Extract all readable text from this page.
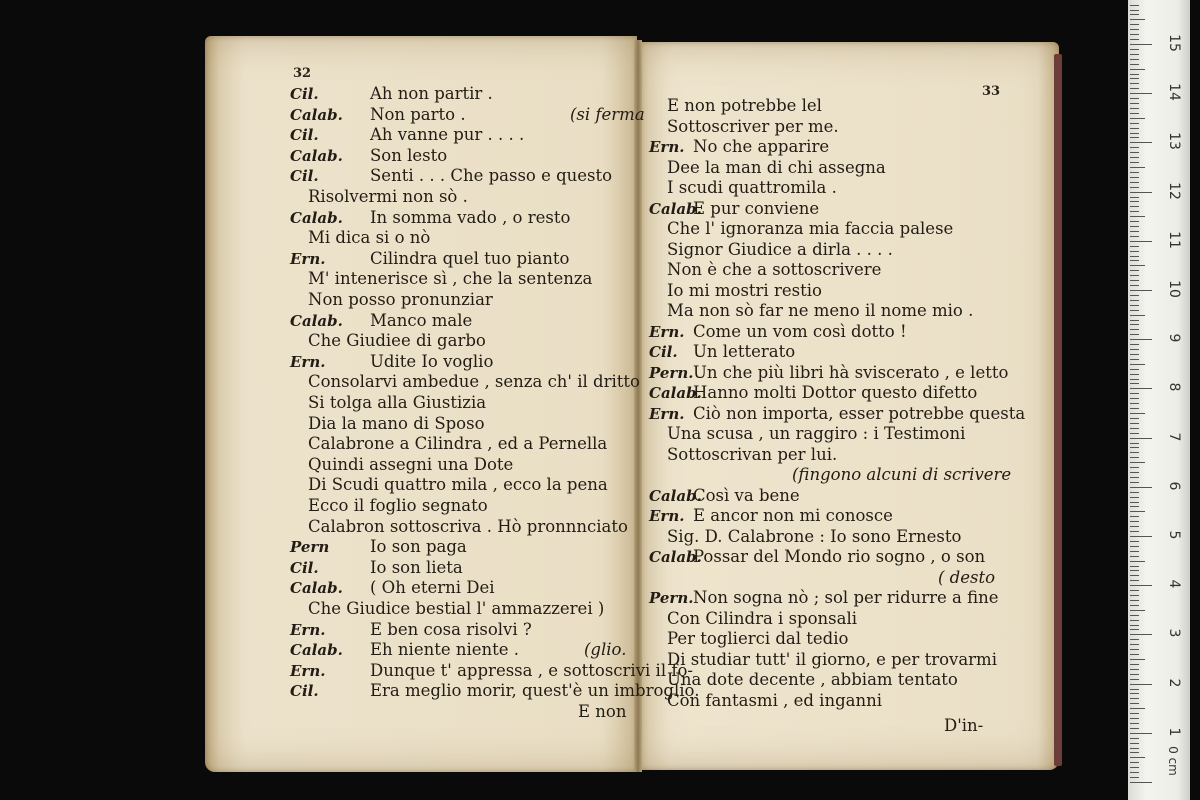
32
33
Cil.	Ah non partir .
Calab. Non parto .	(si ferma
Cil.	Ah vanne pur . . . .
Calab. Son lesto
Cil.	Senti . . . Che passo e questo
Risolvermi non sò .
Calab. In somma vado , o resto
Mi dica si o nò
Ern.	Cilindra quel tuo pianto
M' intenerisce sì , che la sentenza
Non posso pronunziar
Calab. Manco male
Che Giudiee di garbo
Ern.	Udite Io voglio
Consolarvi ambedue , senza ch' il dritto
Si tolga alla Giustizia
Dia la mano di Sposo
Calabrone a Cilindra , ed a Pernella
Quindi assegni una Dote
Di Scudi quattro mila , ecco la pena
Ecco il foglio segnato
Calabron sottoscriva . Hò pronnnciato
Pern Io son paga
Cil.	Io son lieta
Calab. ( Oh eterni Dei
Che Giudice bestial l' ammazzerei )
Ern.	E ben cosa risolvi ?
Calab. Eh niente niente .	(glio.
Ern.	Dunque t' appressa , e sottoscrivi il fo-
Cil.	Era meglio morir, quest'è un imbroglio.
E non potrebbe lel
Sottoscriver per me.
Ern. No che apparire
Dee la man di chi assegna
I scudi quattromila .
Calab.E pur conviene
Che l' ignoranza mia faccia palese
Signor Giudice a dirla . . . .
Non è che a sottoscrivere
Io mi mostri restio
Ma non sò far ne meno il nome mio .
Ern. Come un vom così dotto !
Cil. Un letterato
Pern.Un che più libri hà sviscerato , e letto
Calab.Hanno molti Dottor questo difetto
Ern. Ciò non importa, esser potrebbe questa
Una scusa , un raggiro : i Testimoni
Sottoscrivan per lui.
(fingono alcuni di scrivere
Calab.Così va bene
Ern. E ancor non mi conosce
Sig. D. Calabrone : Io sono Ernesto
Calab.Possar del Mondo rio sogno , o son
( desto
Pern.Non sogna nò ; sol per ridurre a fine
Con Cilindra i sponsali
Per toglierci dal tedio
Di studiar tutt' il giorno, e per trovarmi
Una dote decente , abbiam tentato
Con fantasmi , ed inganni
E non
D'in-
15
14
13
12
11
10
9
8
7
6
5
4
3
2
1
0 cm
